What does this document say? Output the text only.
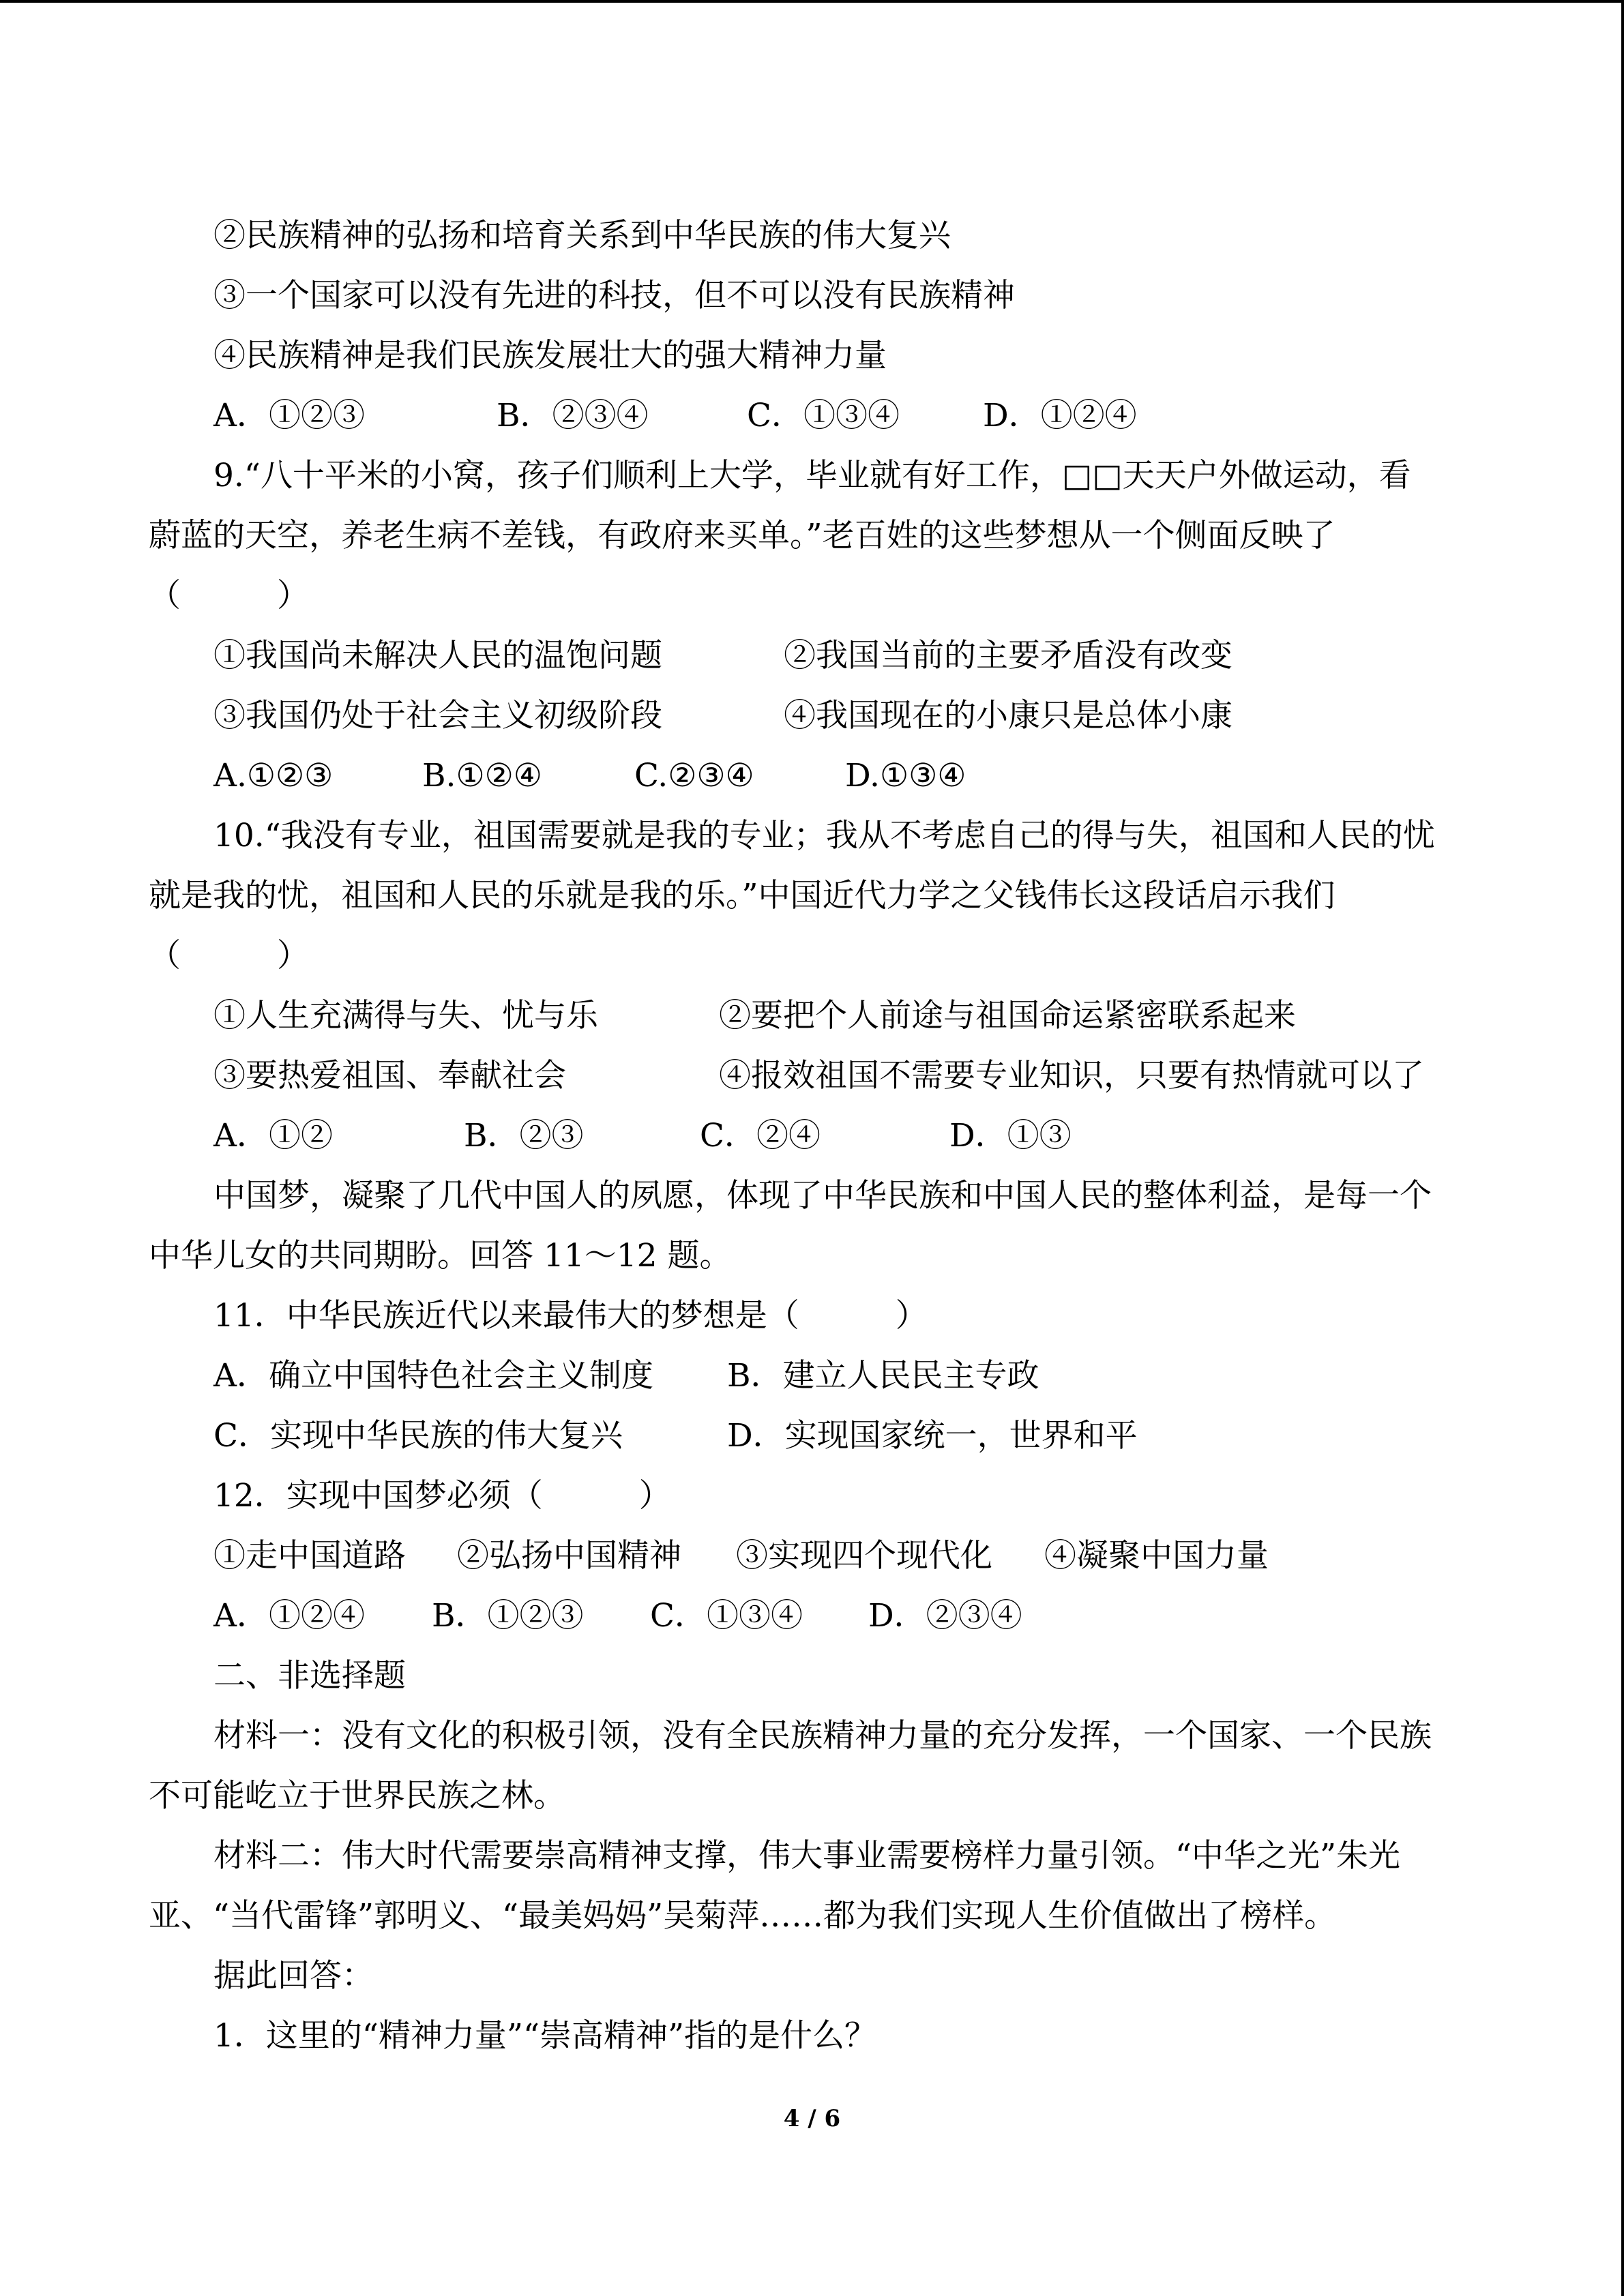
②民族精神的弘扬和培育关系到中华民族的伟大复兴
③一个国家可以没有先进的科技，但不可以没有民族精神
④民族精神是我们民族发展壮大的强大精神力量
A．①②③	B．②③④	C．①③④	D．①②④
9.“八十平米的小窝，孩子们顺利上大学，毕业就有好工作，□□天天户外做运动，看
蔚蓝的天空，养老生病不差钱，有政府来买单。”老百姓的这些梦想从一个侧面反映了
（　　　）
①我国尚未解决人民的温饱问题	②我国当前的主要矛盾没有改变
③我国仍处于社会主义初级阶段	④我国现在的小康只是总体小康
A.①②③	B.①②④	C.②③④	D.①③④
10.“我没有专业，祖国需要就是我的专业；我从不考虑自己的得与失，祖国和人民的忧
就是我的忧，祖国和人民的乐就是我的乐。”中国近代力学之父钱伟长这段话启示我们
（　　　）
①人生充满得与失、忧与乐	②要把个人前途与祖国命运紧密联系起来
③要热爱祖国、奉献社会	④报效祖国不需要专业知识，只要有热情就可以了
A．①②	B．②③	C．②④	D．①③
中国梦，凝聚了几代中国人的夙愿，体现了中华民族和中国人民的整体利益，是每一个
中华儿女的共同期盼。回答 11～12 题。
11．中华民族近代以来最伟大的梦想是（　　　）
A．确立中国特色社会主义制度 B．建立人民民主专政
C．实现中华民族的伟大复兴	D．实现国家统一，世界和平
12．实现中国梦必须（　　　）
①走中国道路 ②弘扬中国精神 ③实现四个现代化 ④凝聚中国力量
A．①②④ B．①②③ C．①③④ D．②③④
二、非选择题
材料一：没有文化的积极引领，没有全民族精神力量的充分发挥，一个国家、一个民族
不可能屹立于世界民族之林。
材料二：伟大时代需要崇高精神支撑，伟大事业需要榜样力量引领。“中华之光”朱光
亚、“当代雷锋”郭明义、“最美妈妈”吴菊萍……都为我们实现人生价值做出了榜样。
据此回答：
1．这里的“精神力量”“崇高精神”指的是什么？
4 / 6
